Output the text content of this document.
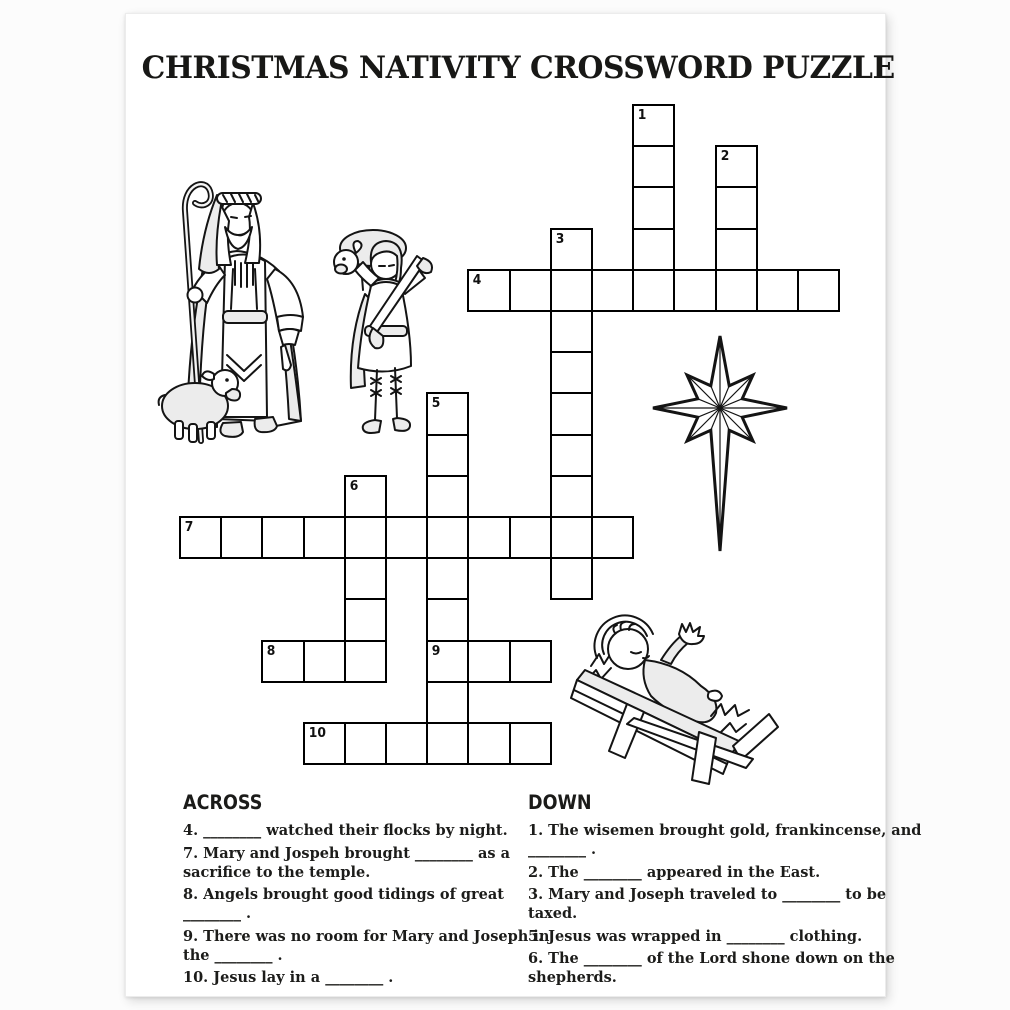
CHRISTMAS NATIVITY CROSSWORD PUZZLE
1
2
3
4
5
6
7
8	9
10
ACROSS
4. ________ watched their flocks by night.
7. Mary and Jospeh brought ________ as a
sacrifice to the temple.
8. Angels brought good tidings of great
________ .
9. There was no room for Mary and Joseph in
the ________ .
10. Jesus lay in a ________ .
DOWN
1. The wisemen brought gold, frankincense, and
________ .
2. The ________ appeared in the East.
3. Mary and Joseph traveled to ________ to be
taxed.
5. Jesus was wrapped in ________ clothing.
6. The ________ of the Lord shone down on the
shepherds.
